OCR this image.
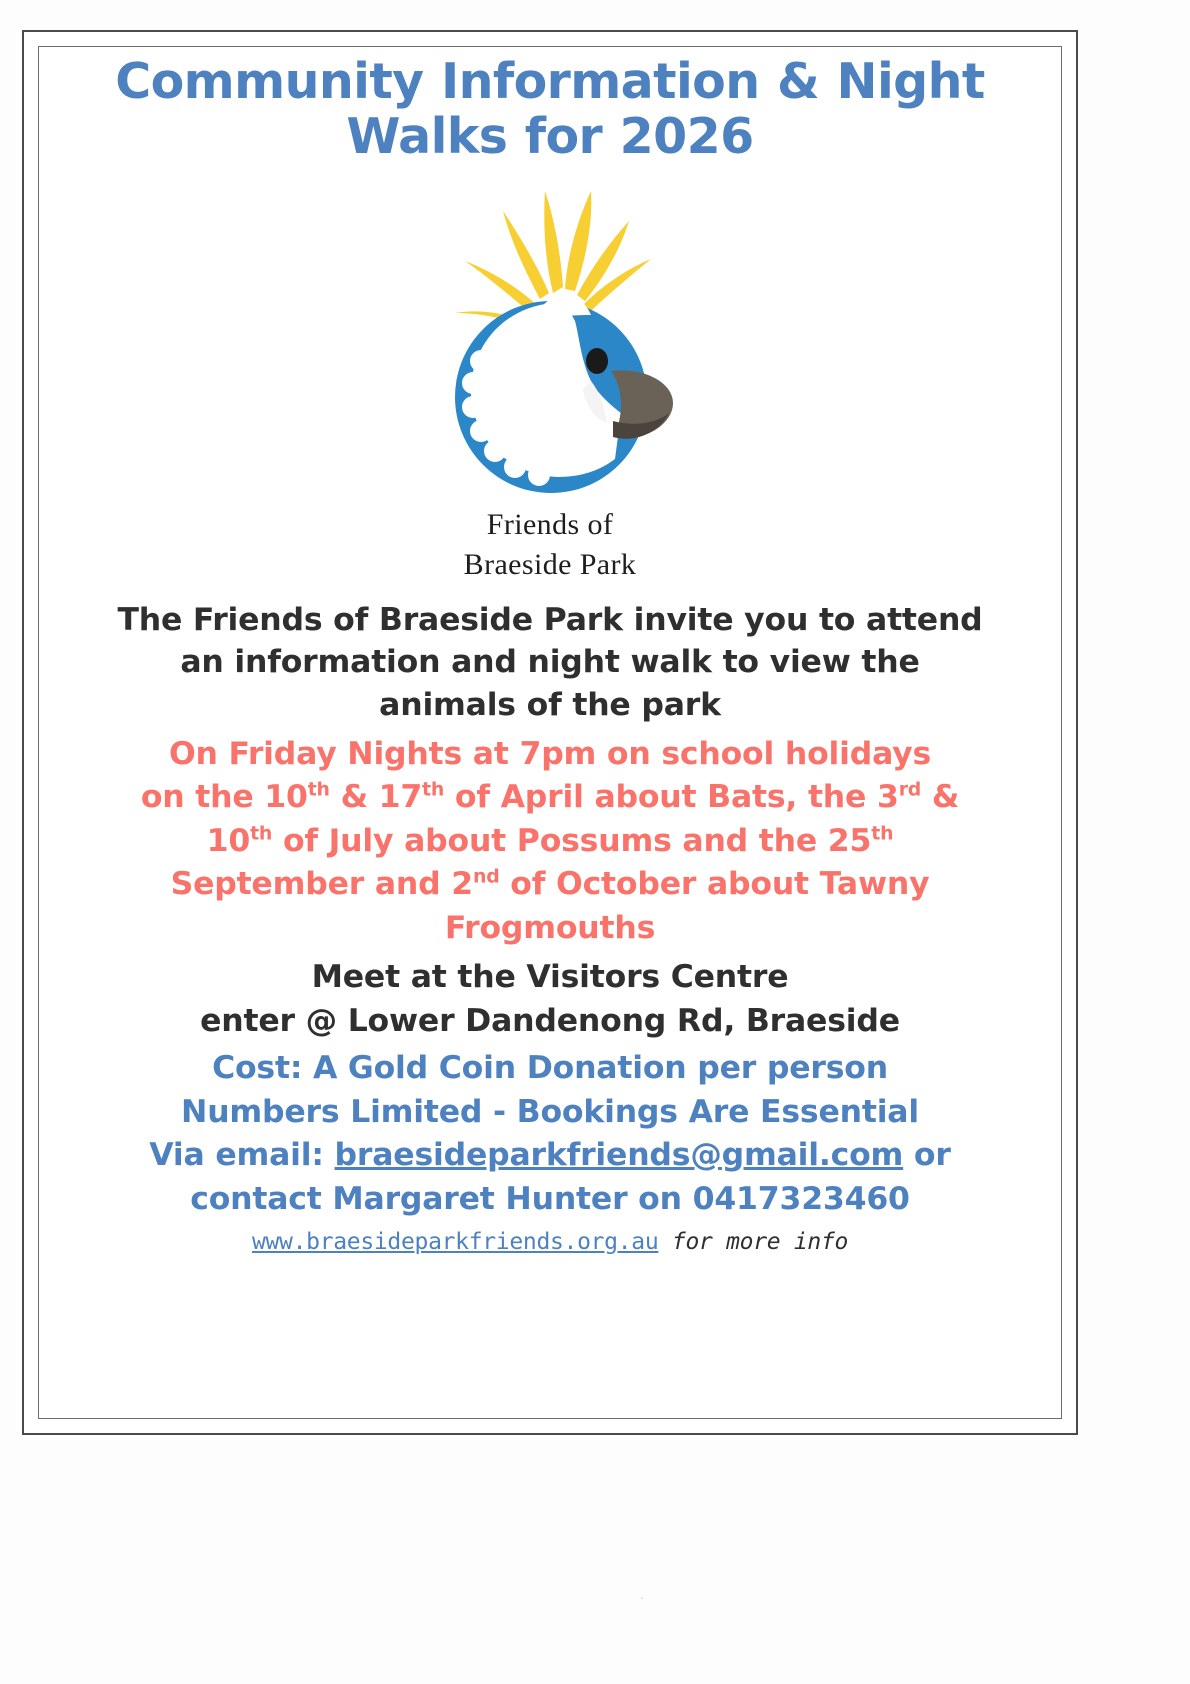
Community Information & Night
Walks for 2026
Friends of
Braeside Park

The Friends of Braeside Park invite you to attend
an information and night walk to view the
animals of the park

On Friday Nights at 7pm on school holidays
on the 10th & 17th of April about Bats, the 3rd &
10th of July about Possums and the 25th
September and 2nd of October about Tawny
Frogmouths

Meet at the Visitors Centre
enter @ Lower Dandenong Rd, Braeside

Cost: A Gold Coin Donation per person
Numbers Limited - Bookings Are Essential
Via email: braesideparkfriends@gmail.com or
contact Margaret Hunter on 0417323460

www.braesideparkfriends.org.au for more info

.
